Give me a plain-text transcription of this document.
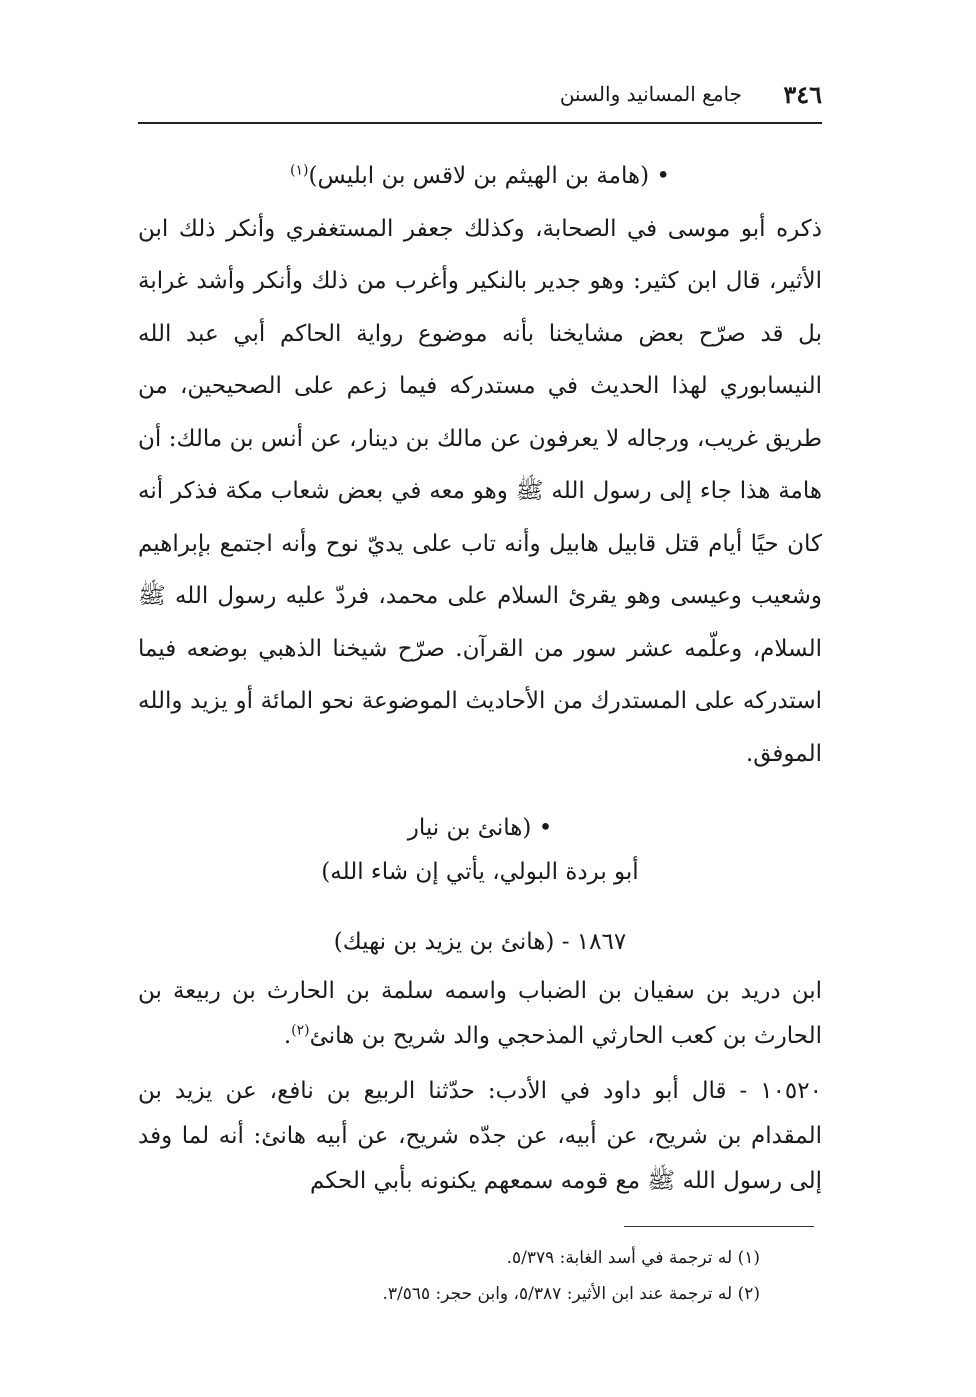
٣٤٦
جامع المسانيد والسنن

• (هامة بن الهيثم بن لاقس بن ابليس)$^{(١)}$

ذكره أبو موسى في الصحابة، وكذلك جعفر المستغفري وأنكر ذلك ابن الأثير، قال ابن كثير: وهو جدير بالنكير وأغرب من ذلك وأنكر وأشد غرابة بل قد صرّح بعض مشايخنا بأنه موضوع رواية الحاكم أبي عبد الله النيسابوري لهذا الحديث في مستدركه فيما زعم على الصحيحين، من طريق غريب، ورجاله لا يعرفون عن مالك بن دينار، عن أنس بن مالك: أن هامة هذا جاء إلى رسول الله ﷺ وهو معه في بعض شعاب مكة فذكر أنه كان حيًا أيام قتل قابيل هابيل وأنه تاب على يديّ نوح وأنه اجتمع بإبراهيم وشعيب وعيسى وهو يقرئ السلام على محمد، فردّ عليه رسول الله ﷺ السلام، وعلّمه عشر سور من القرآن. صرّح شيخنا الذهبي بوضعه فيما استدركه على المستدرك من الأحاديث الموضوعة نحو المائة أو يزيد والله الموفق.

• (هانئ بن نيار

أبو بردة البولي، يأتي إن شاء الله)

١٨٦٧ - (هانئ بن يزيد بن نهيك)

ابن دريد بن سفيان بن الضباب واسمه سلمة بن الحارث بن ربيعة بن الحارث بن كعب الحارثي المذحجي والد شريح بن هانئ$^{(٢)}$.

١٠٥٢٠ - قال أبو داود في الأدب: حدّثنا الربيع بن نافع، عن يزيد بن المقدام بن شريح، عن أبيه، عن جدّه شريح، عن أبيه هانئ: أنه لما وفد إلى رسول الله ﷺ مع قومه سمعهم يكنونه بأبي الحكم

(١) له ترجمة في أسد الغابة: ٥/٣٧٩.

(٢) له ترجمة عند ابن الأثير: ٥/٣٨٧، وابن حجر: ٣/٥٦٥.
